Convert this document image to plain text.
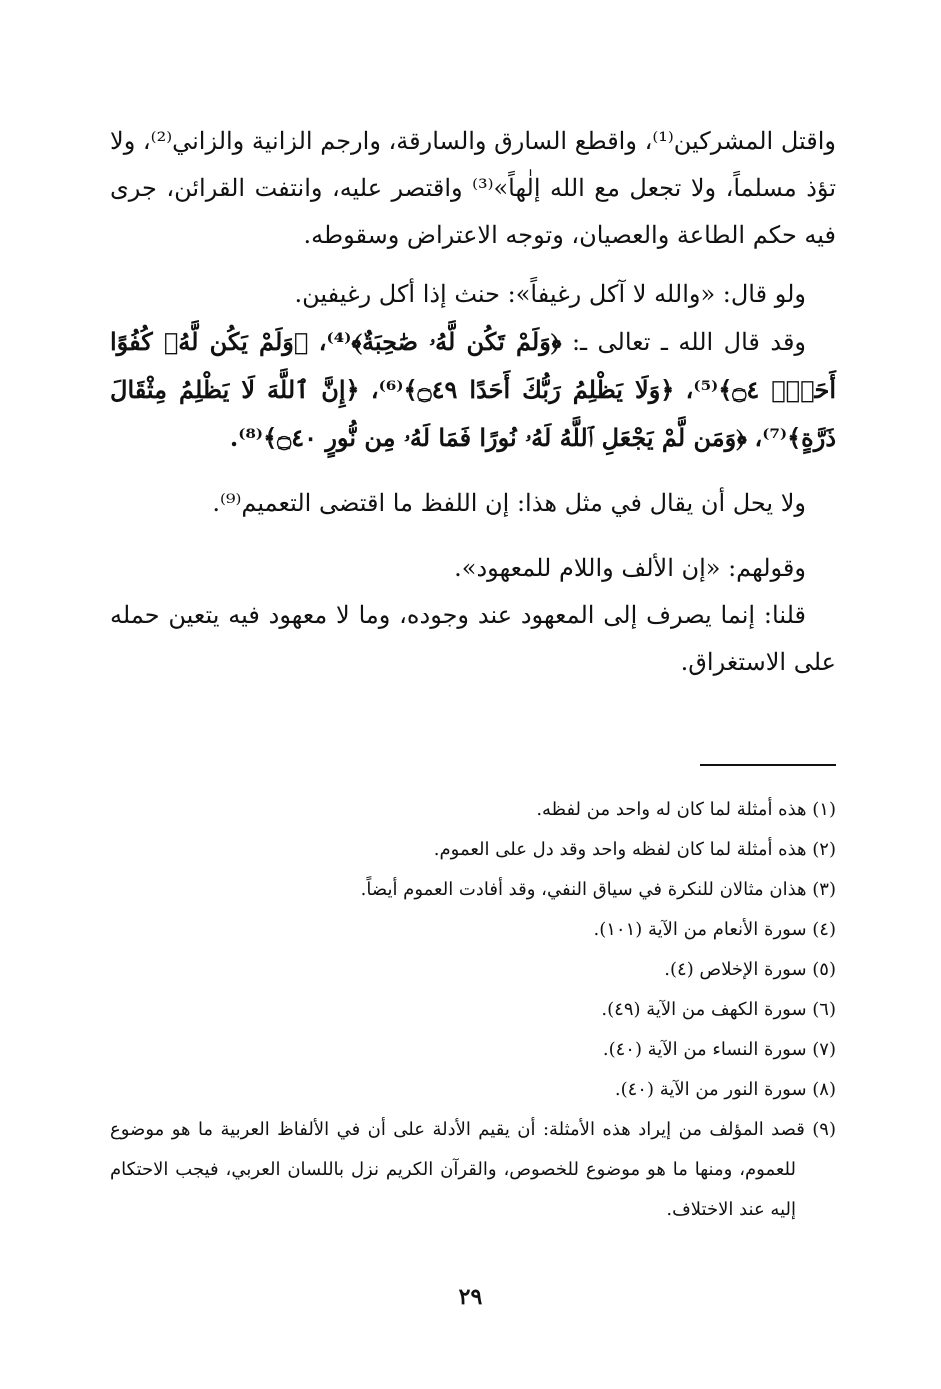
واقتل المشركين⁽¹⁾، واقطع السارق والسارقة، وارجم الزانية والزاني⁽²⁾، ولا تؤذ مسلماً، ولا تجعل مع الله إلٰهاً»⁽³⁾ واقتصر عليه، وانتفت القرائن، جرى فيه حكم الطاعة والعصيان، وتوجه الاعتراض وسقوطه.

ولو قال: «والله لا آكل رغيفاً»: حنث إذا أكل رغيفين.

وقد قال الله ـ تعالى ـ: ﴿وَلَمْ تَكُن لَّهُۥ صَٰحِبَةٌ﴾⁽⁴⁾، ﴿وَلَمْ يَكُن لَّهُۥ كُفُوًا أَحَدٌۢ ۝٤﴾⁽⁵⁾، ﴿وَلَا يَظْلِمُ رَبُّكَ أَحَدًا ۝٤٩﴾⁽⁶⁾، ﴿إِنَّ ٱللَّهَ لَا يَظْلِمُ مِثْقَالَ ذَرَّةٍ﴾⁽⁷⁾، ﴿وَمَن لَّمْ يَجْعَلِ ٱللَّهُ لَهُۥ نُورًا فَمَا لَهُۥ مِن نُّورٍ ۝٤٠﴾⁽⁸⁾.

ولا يحل أن يقال في مثل هذا: إن اللفظ ما اقتضى التعميم⁽⁹⁾.

وقولهم: «إن الألف واللام للمعهود».

قلنا: إنما يصرف إلى المعهود عند وجوده، وما لا معهود فيه يتعين حمله على الاستغراق.

(١) هذه أمثلة لما كان له واحد من لفظه.

(٢) هذه أمثلة لما كان لفظه واحد وقد دل على العموم.

(٣) هذان مثالان للنكرة في سياق النفي، وقد أفادت العموم أيضاً.

(٤) سورة الأنعام من الآية (١٠١).

(٥) سورة الإخلاص (٤).

(٦) سورة الكهف من الآية (٤٩).

(٧) سورة النساء من الآية (٤٠).

(٨) سورة النور من الآية (٤٠).

(٩) قصد المؤلف من إيراد هذه الأمثلة: أن يقيم الأدلة على أن في الألفاظ العربية ما هو موضوع للعموم، ومنها ما هو موضوع للخصوص، والقرآن الكريم نزل باللسان العربي، فيجب الاحتكام إليه عند الاختلاف.

٢٩
